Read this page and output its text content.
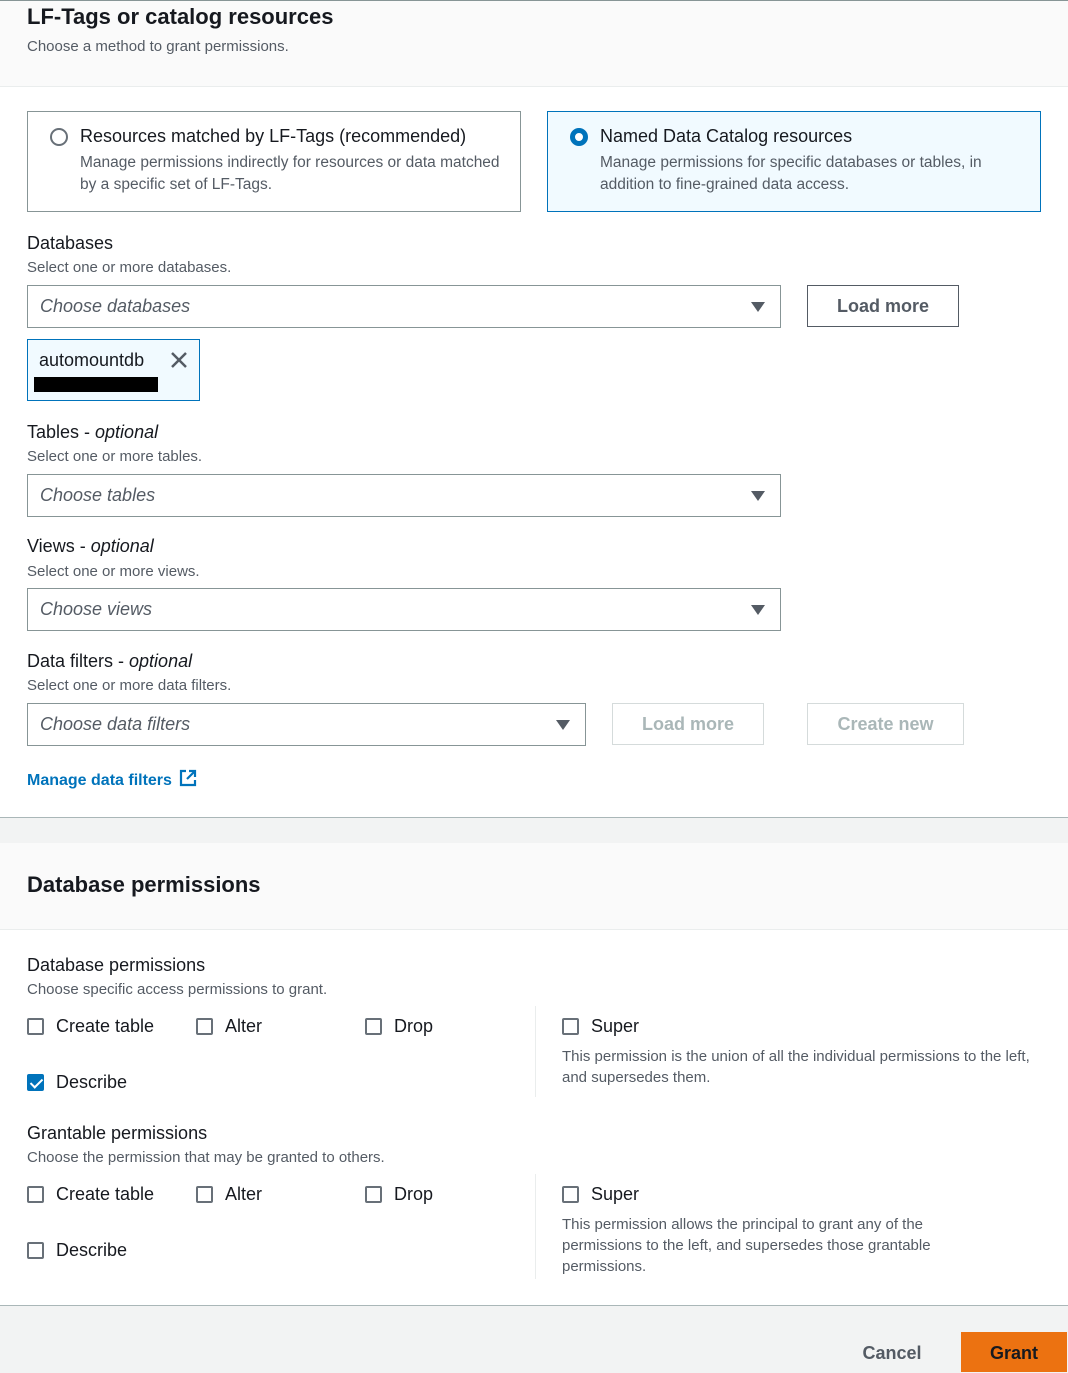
LF-Tags or catalog resources
Choose a method to grant permissions.
Resources matched by LF-Tags (recommended)
Manage permissions indirectly for resources or data matched by a specific set of LF-Tags.
Named Data Catalog resources
Manage permissions for specific databases or tables, in addition to fine-grained data access.
Databases
Select one or more databases.
Choose databases	Load more
automountdb
Tables - optional
Select one or more tables.
Choose tables
Views - optional
Select one or more views.
Choose views
Data filters - optional
Select one or more data filters.
Choose data filters	Load more	Create new
Manage data filters
Database permissions
Database permissions
Choose specific access permissions to grant.
Create table	Alter	Drop
Describe
Super
This permission is the union of all the individual permissions to the left, and supersedes them.
Grantable permissions
Choose the permission that may be granted to others.
Create table	Alter	Drop
Describe
Super
This permission allows the principal to grant any of the permissions to the left, and supersedes those grantable permissions.
Cancel	Grant
